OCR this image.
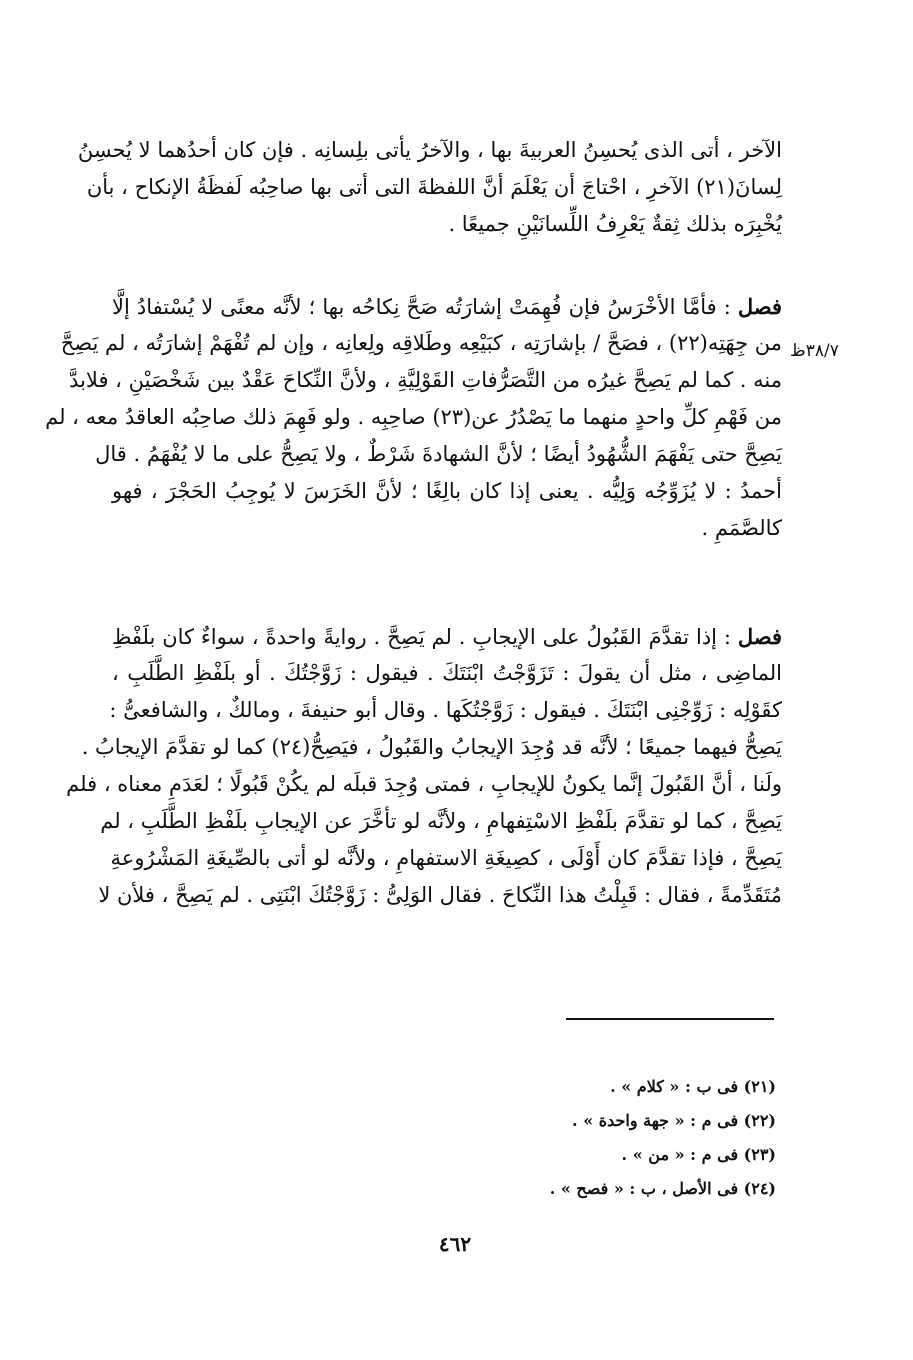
٣٨/٧ظ
الآخر ، أتى الذى يُحسِنُ العربيةَ بها ، والآخرُ يأتى بلِسانِه . فإن كان أحدُهما لا يُحسِنُ
لِسانَ(٢١) الآخرِ ، احْتاجَ أن يَعْلَمَ أنَّ اللفظةَ التى أتى بها صاحِبُه لَفظَةُ الإنكاح ، بأن
يُخْبِرَه بذلك ثِقةٌ يَعْرِفُ اللِّسانَيْنِ جميعًا .
فصل : فأمَّا الأخْرَسُ فإن فُهِمَتْ إشارَتُه صَحَّ نِكاحُه بها ؛ لأنَّه معنًى لا يُسْتفادُ إلَّا
من جِهَتِه(٢٢) ، فصَحَّ / بإشارَتِه ، كبَيْعِه وطَلاقِه ولِعانِه ، وإن لم تُفْهَمْ إشارَتُه ، لم يَصِحَّ
منه . كما لم يَصِحَّ غيرُه من التَّصَرُّفاتِ القَوْلِيَّةِ ، ولأنَّ النِّكاحَ عَقْدٌ بين شَخْصَيْنِ ، فلابدَّ
من فَهْمِ كلِّ واحدٍ منهما ما يَصْدُرُ عن(٢٣) صاحِبِه . ولو فَهِمَ ذلك صاحِبُه العاقدُ معه ، لم
يَصِحَّ حتى يَفْهَمَ الشُّهُودُ أيضًا ؛ لأنَّ الشهادةَ شَرْطٌ ، ولا يَصِحُّ على ما لا يُفْهَمُ . قال
أحمدُ : لا يُزَوِّجُه وَلِيُّه . يعنى إذا كان بالِغًا ؛ لأنَّ الخَرَسَ لا يُوجِبُ الحَجْرَ ، فهو
كالصَّمَمِ .
فصل : إذا تقدَّمَ القَبُولُ على الإيجابِ . لم يَصِحَّ . روايةً واحدةً ، سواءٌ كان بلَفْظِ
الماضِى ، مثل أن يقولَ : تَزَوَّجْتُ ابْنَتَكَ . فيقول : زَوَّجْتُكَ . أو بلَفْظِ الطَّلَبِ ،
كقَوْلِه : زَوِّجْنِى ابْنَتَكَ . فيقول : زَوَّجْتُكَها . وقال أبو حنيفةَ ، ومالكٌ ، والشافعىُّ :
يَصِحُّ فيهما جميعًا ؛ لأنَّه قد وُجِدَ الإيجابُ والقَبُولُ ، فيَصِحُّ(٢٤) كما لو تقدَّمَ الإيجابُ .
ولَنا ، أنَّ القَبُولَ إنَّما يكونُ للإيجابِ ، فمتى وُجِدَ قبلَه لم يكُنْ قَبُولًا ؛ لعَدَمِ معناه ، فلم
يَصِحَّ ، كما لو تقدَّمَ بلَفْظِ الاسْتِفهامِ ، ولأنَّه لو تأخَّرَ عن الإيجابِ بلَفْظِ الطَّلَبِ ، لم
يَصِحَّ ، فإذا تقدَّمَ كان أَوْلَى ، كصِيغَةِ الاستفهامِ ، ولأنَّه لو أتى بالصِّيغَةِ المَشْرُوعةِ
مُتَقَدِّمةً ، فقال : قَبِلْتُ هذا النِّكاحَ . فقال الوَلِىُّ : زَوَّجْتُكَ ابْنَتِى . لم يَصِحَّ ، فلأن لا
(٢١) فى ب : « كلام » .
(٢٢) فى م : « جهة واحدة » .
(٢٣) فى م : « من » .
(٢٤) فى الأصل ، ب : « فصح » .
٤٦٢
